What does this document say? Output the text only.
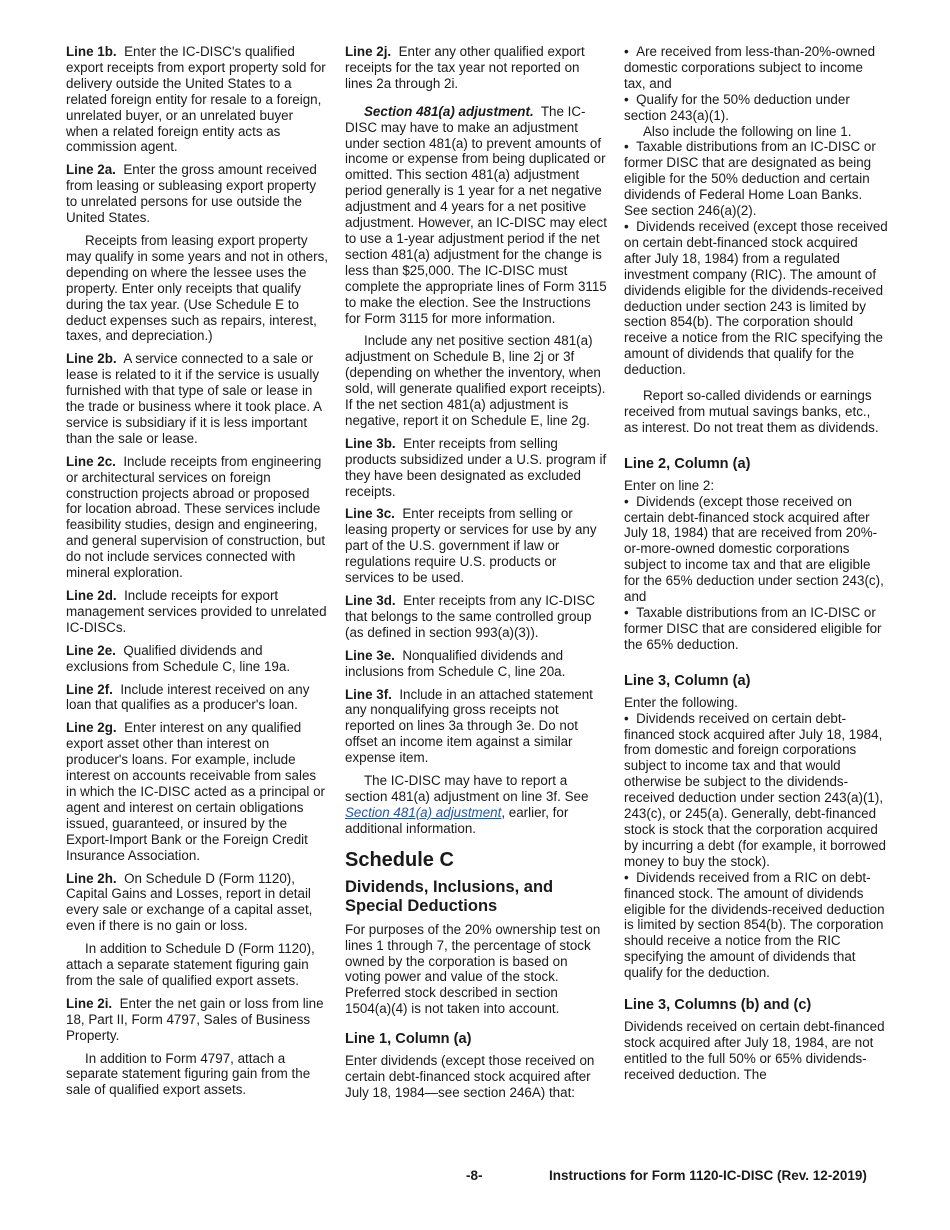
Line 1b. Enter the IC-DISC's qualified export receipts from export property sold for delivery outside the United States to a related foreign entity for resale to a foreign, unrelated buyer, or an unrelated buyer when a related foreign entity acts as commission agent.

Line 2a. Enter the gross amount received from leasing or subleasing export property to unrelated persons for use outside the United States.

Receipts from leasing export property may qualify in some years and not in others, depending on where the lessee uses the property. Enter only receipts that qualify during the tax year. (Use Schedule E to deduct expenses such as repairs, interest, taxes, and depreciation.)

Line 2b. A service connected to a sale or lease is related to it if the service is usually furnished with that type of sale or lease in the trade or business where it took place. A service is subsidiary if it is less important than the sale or lease.

Line 2c. Include receipts from engineering or architectural services on foreign construction projects abroad or proposed for location abroad. These services include feasibility studies, design and engineering, and general supervision of construction, but do not include services connected with mineral exploration.

Line 2d. Include receipts for export management services provided to unrelated IC-DISCs.

Line 2e. Qualified dividends and exclusions from Schedule C, line 19a.

Line 2f. Include interest received on any loan that qualifies as a producer's loan.

Line 2g. Enter interest on any qualified export asset other than interest on producer's loans. For example, include interest on accounts receivable from sales in which the IC-DISC acted as a principal or agent and interest on certain obligations issued, guaranteed, or insured by the Export-Import Bank or the Foreign Credit Insurance Association.

Line 2h. On Schedule D (Form 1120), Capital Gains and Losses, report in detail every sale or exchange of a capital asset, even if there is no gain or loss.

In addition to Schedule D (Form 1120), attach a separate statement figuring gain from the sale of qualified export assets.

Line 2i. Enter the net gain or loss from line 18, Part II, Form 4797, Sales of Business Property.

In addition to Form 4797, attach a separate statement figuring gain from the sale of qualified export assets.

Line 2j. Enter any other qualified export receipts for the tax year not reported on lines 2a through 2i.

Section 481(a) adjustment. The IC-DISC may have to make an adjustment under section 481(a) to prevent amounts of income or expense from being duplicated or omitted. This section 481(a) adjustment period generally is 1 year for a net negative adjustment and 4 years for a net positive adjustment. However, an IC-DISC may elect to use a 1-year adjustment period if the net section 481(a) adjustment for the change is less than $25,000. The IC-DISC must complete the appropriate lines of Form 3115 to make the election. See the Instructions for Form 3115 for more information.

Include any net positive section 481(a) adjustment on Schedule B, line 2j or 3f (depending on whether the inventory, when sold, will generate qualified export receipts). If the net section 481(a) adjustment is negative, report it on Schedule E, line 2g.

Line 3b. Enter receipts from selling products subsidized under a U.S. program if they have been designated as excluded receipts.

Line 3c. Enter receipts from selling or leasing property or services for use by any part of the U.S. government if law or regulations require U.S. products or services to be used.

Line 3d. Enter receipts from any IC-DISC that belongs to the same controlled group (as defined in section 993(a)(3)).

Line 3e. Nonqualified dividends and inclusions from Schedule C, line 20a.

Line 3f. Include in an attached statement any nonqualifying gross receipts not reported on lines 3a through 3e. Do not offset an income item against a similar expense item.

The IC-DISC may have to report a section 481(a) adjustment on line 3f. See Section 481(a) adjustment, earlier, for additional information.

Schedule C
Dividends, Inclusions, and Special Deductions

For purposes of the 20% ownership test on lines 1 through 7, the percentage of stock owned by the corporation is based on voting power and value of the stock. Preferred stock described in section 1504(a)(4) is not taken into account.

Line 1, Column (a)

Enter dividends (except those received on certain debt-financed stock acquired after July 18, 1984—see section 246A) that:

•  Are received from less-than-20%-owned domestic corporations subject to income tax, and

•  Qualify for the 50% deduction under section 243(a)(1).

Also include the following on line 1.

•  Taxable distributions from an IC-DISC or former DISC that are designated as being eligible for the 50% deduction and certain dividends of Federal Home Loan Banks. See section 246(a)(2).

•  Dividends received (except those received on certain debt-financed stock acquired after July 18, 1984) from a regulated investment company (RIC). The amount of dividends eligible for the dividends-received deduction under section 243 is limited by section 854(b). The corporation should receive a notice from the RIC specifying the amount of dividends that qualify for the deduction.

Report so-called dividends or earnings received from mutual savings banks, etc., as interest. Do not treat them as dividends.

Line 2, Column (a)

Enter on line 2:

•  Dividends (except those received on certain debt-financed stock acquired after July 18, 1984) that are received from 20%-or-more-owned domestic corporations subject to income tax and that are eligible for the 65% deduction under section 243(c), and

•  Taxable distributions from an IC-DISC or former DISC that are considered eligible for the 65% deduction.

Line 3, Column (a)

Enter the following.

•  Dividends received on certain debt-financed stock acquired after July 18, 1984, from domestic and foreign corporations subject to income tax and that would otherwise be subject to the dividends-received deduction under section 243(a)(1), 243(c), or 245(a). Generally, debt-financed stock is stock that the corporation acquired by incurring a debt (for example, it borrowed money to buy the stock).

•  Dividends received from a RIC on debt-financed stock. The amount of dividends eligible for the dividends-received deduction is limited by section 854(b). The corporation should receive a notice from the RIC specifying the amount of dividends that qualify for the deduction.

Line 3, Columns (b) and (c)

Dividends received on certain debt-financed stock acquired after July 18, 1984, are not entitled to the full 50% or 65% dividends-received deduction. The

-8-	Instructions for Form 1120-IC-DISC (Rev. 12-2019)
